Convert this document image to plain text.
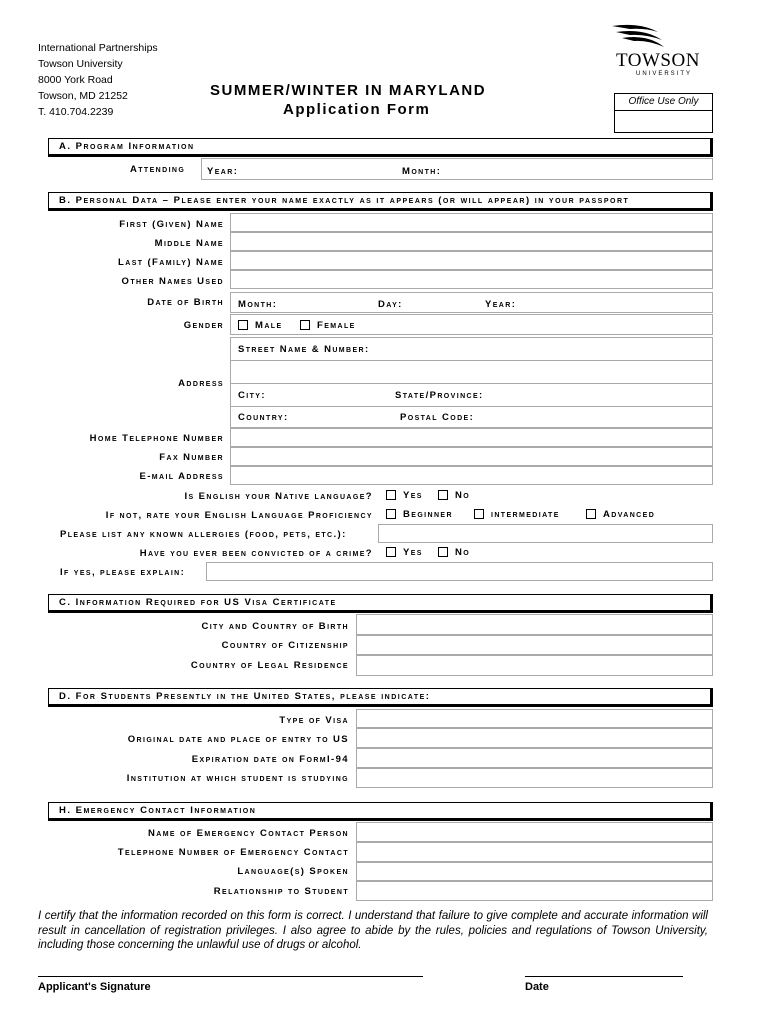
International Partnerships
Towson University
8000 York Road
Towson, MD 21252
T. 410.704.2239
TOWSON
UNIVERSITY
SUMMER/WINTER IN MARYLAND
Application Form	Office Use Only
A. Program Information
Attending Year:	Month:
B. Personal Data – Please enter your name exactly as it appears (or will appear) in your passport
First (Given) Name
Middle Name
Last (Family) Name
Other Names Used
Date of Birth Month:	Day:	Year:
Gender	Male	Female
Address
Street Name & Number:
City:	State/Province:
Country:	Postal Code:
Home Telephone Number
Fax Number
E-mail Address
Is English your Native language?	Yes	No
If not, rate your English Language Proficiency	Beginner	intermediate	Advanced
Please list any known allergies (food, pets, etc.):
Have you ever been convicted of a crime?	Yes	No
If yes, please explain:
C. Information Required for US Visa Certificate
City and Country of Birth
Country of Citizenship
Country of Legal Residence
D. For Students Presently in the United States, please indicate:
Type of Visa
Original date and place of entry to US
Expiration date on FormI-94
Institution at which student is studying
H. Emergency Contact Information
Name of Emergency Contact Person
Telephone Number of Emergency Contact
Language(s) Spoken
Relationship to Student
I certify that the information recorded on this form is correct. I understand that failure to give complete and accurate information will result in cancellation of registration privileges. I also agree to abide by the rules, policies and regulations of Towson University, including those concerning the unlawful use of drugs or alcohol.
Applicant's Signature	Date
